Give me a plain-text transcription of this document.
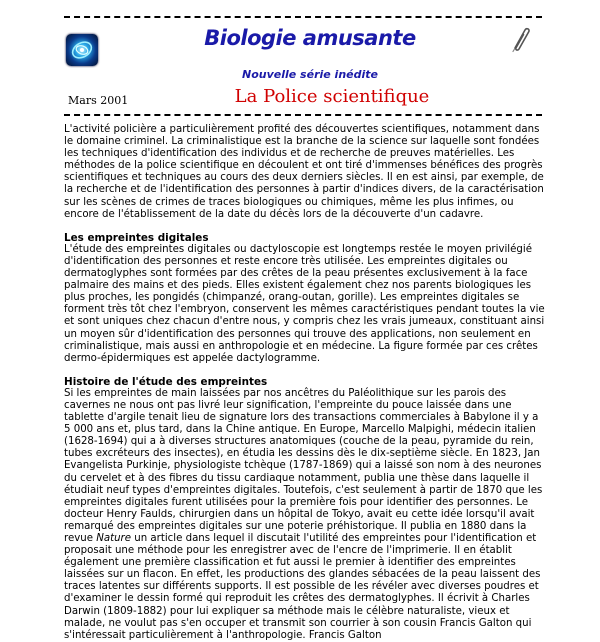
Biologie amusante
Nouvelle série inédite
Mars 2001	La Police scientifique

L'activité policière a particulièrement profité des découvertes scientifiques, notamment dans le domaine criminel. La criminalistique est la branche de la science sur laquelle sont fondées les techniques d'identification des individus et de recherche de preuves matérielles. Les méthodes de la police scientifique en découlent et ont tiré d'immenses bénéfices des progrès scientifiques et techniques au cours des deux derniers siècles. Il en est ainsi, par exemple, de la recherche et de l'identification des personnes à partir d'indices divers, de la caractérisation sur les scènes de crimes de traces biologiques ou chimiques, même les plus infimes, ou encore de l'établissement de la date du décès lors de la découverte d'un cadavre.

Les empreintes digitales

L'étude des empreintes digitales ou dactyloscopie est longtemps restée le moyen privilégié d'identification des personnes et reste encore très utilisée. Les empreintes digitales ou dermatoglyphes sont formées par des crêtes de la peau présentes exclusivement à la face palmaire des mains et des pieds. Elles existent également chez nos parents biologiques les plus proches, les pongidés (chimpanzé, orang-outan, gorille). Les empreintes digitales se forment très tôt chez l'embryon, conservent les mêmes caractéristiques pendant toutes la vie et sont uniques chez chacun d'entre nous, y compris chez les vrais jumeaux, constituant ainsi un moyen sûr d'identification des personnes qui trouve des applications, non seulement en criminalistique, mais aussi en anthropologie et en médecine. La figure formée par ces crêtes dermo-épidermiques est appelée dactylogramme.

Histoire de l'étude des empreintes

Si les empreintes de main laissées par nos ancêtres du Paléolithique sur les parois des cavernes ne nous ont pas livré leur signification, l'empreinte du pouce laissée dans une tablette d'argile tenait lieu de signature lors des transactions commerciales à Babylone il y a 5 000 ans et, plus tard, dans la Chine antique. En Europe, Marcello Malpighi, médecin italien (1628-1694) qui a à diverses structures anatomiques (couche de la peau, pyramide du rein, tubes excréteurs des insectes), en étudia les dessins dès le dix-septième siècle. En 1823, Jan Evangelista Purkinje, physiologiste tchèque (1787-1869) qui a laissé son nom à des neurones du cervelet et à des fibres du tissu cardiaque notamment, publia une thèse dans laquelle il étudiait neuf types d'empreintes digitales. Toutefois, c'est seulement à partir de 1870 que les empreintes digitales furent utilisées pour la première fois pour identifier des personnes. Le docteur Henry Faulds, chirurgien dans un hôpital de Tokyo, avait eu cette idée lorsqu'il avait remarqué des empreintes digitales sur une poterie préhistorique. Il publia en 1880 dans la revue Nature un article dans lequel il discutait l'utilité des empreintes pour l'identification et proposait une méthode pour les enregistrer avec de l'encre de l'imprimerie. Il en établit également une première classification et fut aussi le premier à identifier des empreintes laissées sur un flacon. En effet, les productions des glandes sébacées de la peau laissent des traces latentes sur différents supports. Il est possible de les révéler avec diverses poudres et d'examiner le dessin formé qui reproduit les crêtes des dermatoglyphes. Il écrivit à Charles Darwin (1809-1882) pour lui expliquer sa méthode mais le célèbre naturaliste, vieux et malade, ne voulut pas s'en occuper et transmit son courrier à son cousin Francis Galton qui s'intéressait particulièrement à l'anthropologie. Francis Galton
